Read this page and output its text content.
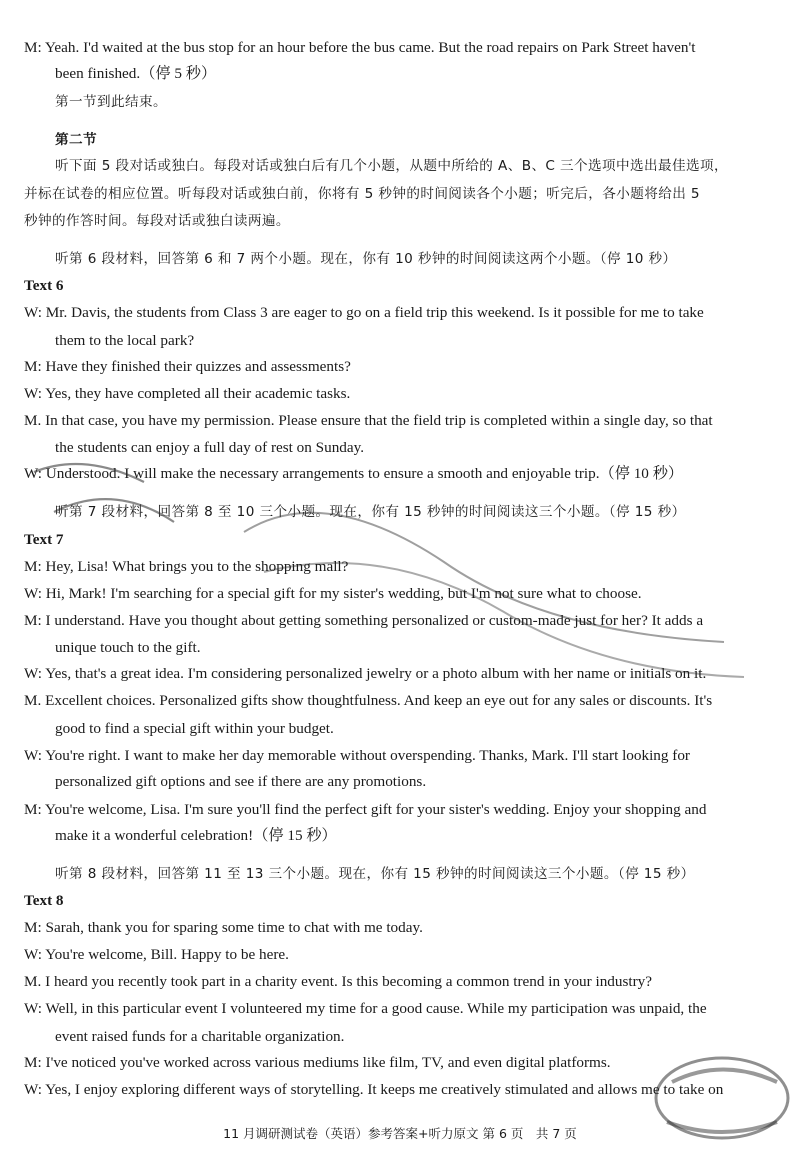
M: Yeah. I'd waited at the bus stop for an hour before the bus came. But the road repairs on Park Street haven't
been finished.（停 5 秒）
第一节到此结束。
第二节
听下面 5 段对话或独白。每段对话或独白后有几个小题，从题中所给的 A、B、C 三个选项中选出最佳选项，
并标在试卷的相应位置。听每段对话或独白前，你将有 5 秒钟的时间阅读各个小题；听完后，各小题将给出 5
秒钟的作答时间。每段对话或独白读两遍。
听第 6 段材料，回答第 6 和 7 两个小题。现在，你有 10 秒钟的时间阅读这两个小题。（停 10 秒）
Text 6
W: Mr. Davis, the students from Class 3 are eager to go on a field trip this weekend. Is it possible for me to take
them to the local park?
M: Have they finished their quizzes and assessments?
W: Yes, they have completed all their academic tasks.
M. In that case, you have my permission. Please ensure that the field trip is completed within a single day, so that
the students can enjoy a full day of rest on Sunday.
W: Understood. I will make the necessary arrangements to ensure a smooth and enjoyable trip.（停 10 秒）
听第 7 段材料，回答第 8 至 10 三个小题。现在，你有 15 秒钟的时间阅读这三个小题。（停 15 秒）
Text 7
M: Hey, Lisa! What brings you to the shopping mall?
W: Hi, Mark! I'm searching for a special gift for my sister's wedding, but I'm not sure what to choose.
M: I understand. Have you thought about getting something personalized or custom-made just for her? It adds a
unique touch to the gift.
W: Yes, that's a great idea. I'm considering personalized jewelry or a photo album with her name or initials on it.
M. Excellent choices. Personalized gifts show thoughtfulness. And keep an eye out for any sales or discounts. It's
good to find a special gift within your budget.
W: You're right. I want to make her day memorable without overspending. Thanks, Mark. I'll start looking for
personalized gift options and see if there are any promotions.
M: You're welcome, Lisa. I'm sure you'll find the perfect gift for your sister's wedding. Enjoy your shopping and
make it a wonderful celebration!（停 15 秒）
听第 8 段材料，回答第 11 至 13 三个小题。现在，你有 15 秒钟的时间阅读这三个小题。（停 15 秒）
Text 8
M: Sarah, thank you for sparing some time to chat with me today.
W: You're welcome, Bill. Happy to be here.
M. I heard you recently took part in a charity event. Is this becoming a common trend in your industry?
W: Well, in this particular event I volunteered my time for a good cause. While my participation was unpaid, the
event raised funds for a charitable organization.
M: I've noticed you've worked across various mediums like film, TV, and even digital platforms.
W: Yes, I enjoy exploring different ways of storytelling. It keeps me creatively stimulated and allows me to take on
11 月调研测试卷（英语）参考答案+听力原文 第 6 页　共 7 页
